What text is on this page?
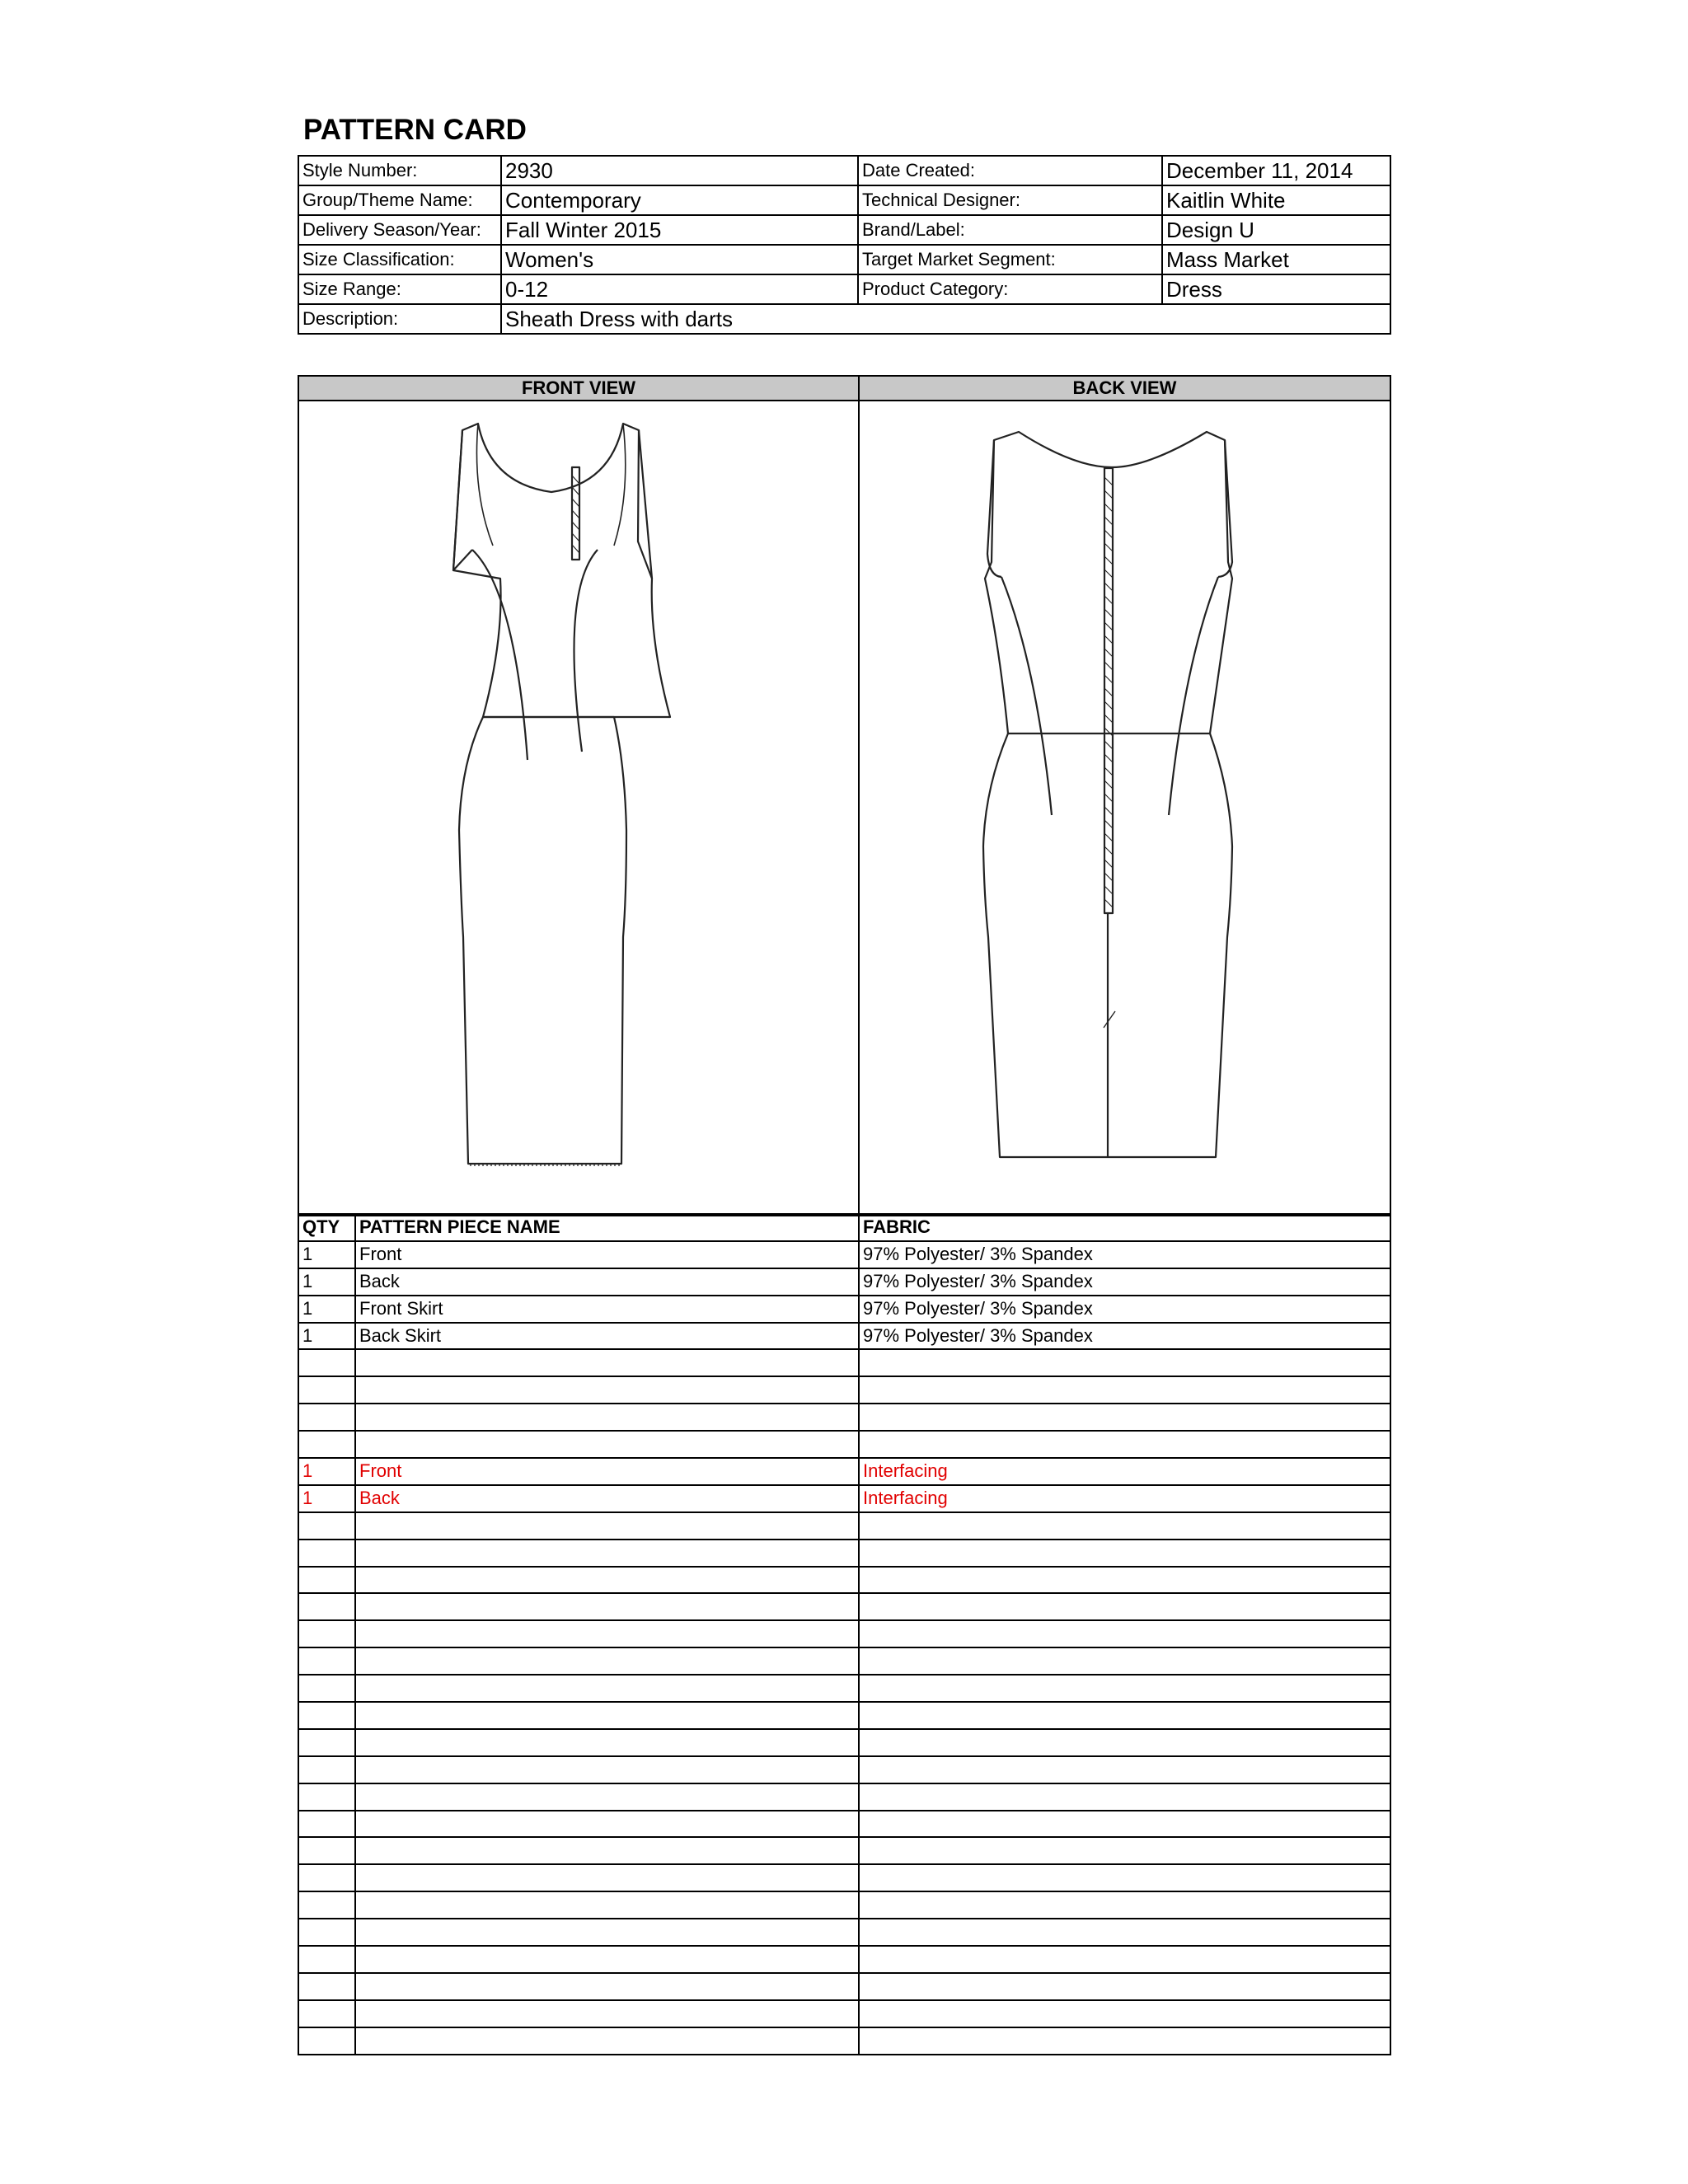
PATTERN CARD
Style Number:	2930	Date Created:	December 11, 2014
Group/Theme Name:	Contemporary	Technical Designer:	Kaitlin White
Delivery Season/Year:	Fall Winter 2015	Brand/Label:	Design U
Size Classification:	Women's	Target Market Segment:	Mass Market
Size Range:	0-12	Product Category:	Dress
Description:	Sheath Dress with darts		
FRONT VIEW	BACK VIEW

QTY	PATTERN PIECE NAME	FABRIC
1	Front	97% Polyester/ 3% Spandex
1	Back	97% Polyester/ 3% Spandex
1	Front Skirt	97% Polyester/ 3% Spandex
1	Back Skirt	97% Polyester/ 3% Spandex

1	Front	Interfacing
1	Back	Interfacing
